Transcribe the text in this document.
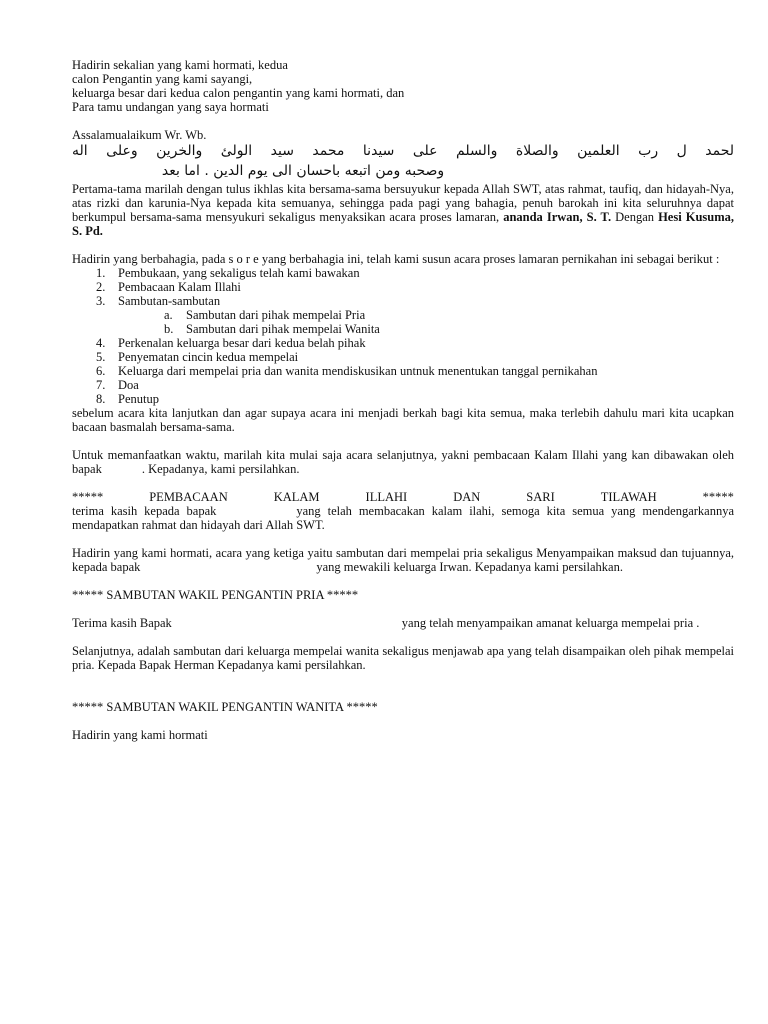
Hadirin sekalian yang kami hormati, kedua

calon Pengantin yang kami sayangi,

keluarga besar dari kedua calon pengantin yang kami hormati, dan

Para tamu undangan yang saya hormati

Assalamualaikum Wr. Wb.

لحمد ل رب العلمين والصلاة والسلم على سيدنا محمد سيد الولئ والخرين وعلى اله

وصحبه ومن اتبعه باحسان الى يوم الدين . اما بعد

Pertama-tama marilah dengan tulus ikhlas kita bersama-sama bersuyukur kepada Allah SWT, atas rahmat, taufiq, dan hidayah-Nya, atas rizki dan karunia-Nya kepada kita semuanya, sehingga pada pagi yang bahagia, penuh barokah ini kita seluruhnya dapat berkumpul bersama-sama mensyukuri sekaligus menyaksikan acara proses lamaran, ananda Irwan, S. T. Dengan Hesi Kusuma, S. Pd.

Hadirin yang berbahagia, pada s o r e yang berbahagia ini, telah kami susun acara proses lamaran pernikahan ini sebagai berikut :

1. Pembukaan, yang sekaligus telah kami bawakan
2. Pembacaan Kalam Illahi
3. Sambutan-sambutan
a. Sambutan dari pihak mempelai Pria
b. Sambutan dari pihak mempelai Wanita
4. Perkenalan keluarga besar dari kedua belah pihak
5. Penyematan cincin kedua mempelai
6. Keluarga dari mempelai pria dan wanita mendiskusikan untnuk menentukan tanggal pernikahan
7. Doa
8. Penutup

sebelum acara kita lanjutkan dan agar supaya acara ini menjadi berkah bagi kita semua, maka terlebih dahulu mari kita ucapkan bacaan basmalah bersama-sama.

Untuk memanfaatkan waktu, marilah kita mulai saja acara selanjutnya, yakni pembacaan Kalam Illahi yang kan dibawakan oleh bapak	. Kepadanya, kami persilahkan.

*****	PEMBACAAN	KALAM	ILLAHI	DAN	SARI	TILAWAH	*****

terima kasih kepada bapak	yang telah membacakan kalam ilahi, semoga kita semua yang mendengarkannya mendapatkan rahmat dan hidayah dari Allah SWT.

Hadirin yang kami hormati, acara yang ketiga yaitu sambutan dari mempelai pria sekaligus Menyampaikan maksud dan tujuannya, kepada bapak	yang mewakili keluarga Irwan. Kepadanya kami persilahkan.

***** SAMBUTAN WAKIL PENGANTIN PRIA *****

Terima kasih Bapak	yang telah menyampaikan amanat keluarga mempelai pria .

Selanjutnya, adalah sambutan dari keluarga mempelai wanita sekaligus menjawab apa yang telah disampaikan oleh pihak mempelai pria. Kepada Bapak Herman Kepadanya kami persilahkan.

***** SAMBUTAN WAKIL PENGANTIN WANITA *****

Hadirin yang kami hormati
